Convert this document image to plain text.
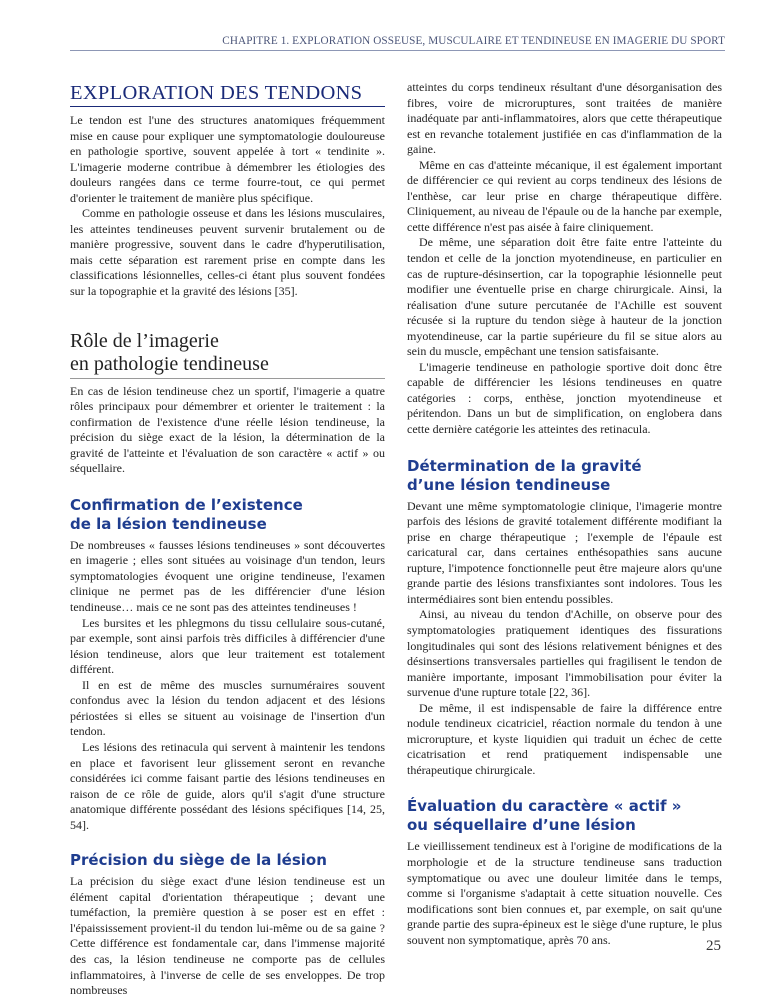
CHAPITRE 1. EXPLORATION OSSEUSE, MUSCULAIRE ET TENDINEUSE EN IMAGERIE DU SPORT
EXPLORATION DES TENDONS

Le tendon est l'une des structures anatomiques fréquemment mise en cause pour expliquer une symptomatologie douloureuse en pathologie sportive, souvent appelée à tort « tendinite ». L'imagerie moderne contribue à démembrer les étiologies des douleurs rangées dans ce terme fourre-tout, ce qui permet d'orienter le traitement de manière plus spécifique.

Comme en pathologie osseuse et dans les lésions musculaires, les atteintes tendineuses peuvent survenir brutalement ou de manière progressive, souvent dans le cadre d'hyperutilisation, mais cette séparation est rarement prise en compte dans les classifications lésionnelles, celles-ci étant plus souvent fondées sur la topographie et la gravité des lésions [35].

Rôle de l’imagerie
en pathologie tendineuse

En cas de lésion tendineuse chez un sportif, l'imagerie a quatre rôles principaux pour démembrer et orienter le traitement : la confirmation de l'existence d'une réelle lésion tendineuse, la précision du siège exact de la lésion, la détermination de la gravité de l'atteinte et l'évaluation de son caractère « actif » ou séquellaire.

Confirmation de l’existence
de la lésion tendineuse

De nombreuses « fausses lésions tendineuses » sont découvertes en imagerie ; elles sont situées au voisinage d'un tendon, leurs symptomatologies évoquent une origine tendineuse, l'examen clinique ne permet pas de les différencier d'une lésion tendineuse… mais ce ne sont pas des atteintes tendineuses !

Les bursites et les phlegmons du tissu cellulaire sous-cutané, par exemple, sont ainsi parfois très difficiles à différencier d'une lésion tendineuse, alors que leur traitement est totalement différent.

Il en est de même des muscles surnuméraires souvent confondus avec la lésion du tendon adjacent et des lésions périostées si elles se situent au voisinage de l'insertion d'un tendon.

Les lésions des retinacula qui servent à maintenir les tendons en place et favorisent leur glissement seront en revanche considérées ici comme faisant partie des lésions tendineuses en raison de ce rôle de guide, alors qu'il s'agit d'une structure anatomique différente possédant des lésions spécifiques [14, 25, 54].

Précision du siège de la lésion

La précision du siège exact d'une lésion tendineuse est un élément capital d'orientation thérapeutique ; devant une tuméfaction, la première question à se poser est en effet : l'épaississement provient-il du tendon lui-même ou de sa gaine ? Cette différence est fondamentale car, dans l'immense majorité des cas, la lésion tendineuse ne comporte pas de cellules inflammatoires, à l'inverse de celle de ses enveloppes. De trop nombreuses

atteintes du corps tendineux résultant d'une désorganisation des fibres, voire de microruptures, sont traitées de manière inadéquate par anti-inflammatoires, alors que cette thérapeutique est en revanche totalement justifiée en cas d'inflammation de la gaine.

Même en cas d'atteinte mécanique, il est également important de différencier ce qui revient au corps tendineux des lésions de l'enthèse, car leur prise en charge thérapeutique diffère. Cliniquement, au niveau de l'épaule ou de la hanche par exemple, cette différence n'est pas aisée à faire cliniquement.

De même, une séparation doit être faite entre l'atteinte du tendon et celle de la jonction myotendineuse, en particulier en cas de rupture-désinsertion, car la topographie lésionnelle peut modifier une éventuelle prise en charge chirurgicale. Ainsi, la réalisation d'une suture percutanée de l'Achille est souvent récusée si la rupture du tendon siège à hauteur de la jonction myotendineuse, car la partie supérieure du fil se situe alors au sein du muscle, empêchant une tension satisfaisante.

L'imagerie tendineuse en pathologie sportive doit donc être capable de différencier les lésions tendineuses en quatre catégories : corps, enthèse, jonction myotendineuse et péritendon. Dans un but de simplification, on englobera dans cette dernière catégorie les atteintes des retinacula.

Détermination de la gravité
d’une lésion tendineuse

Devant une même symptomatologie clinique, l'imagerie montre parfois des lésions de gravité totalement différente modifiant la prise en charge thérapeutique ; l'exemple de l'épaule est caricatural car, dans certaines enthésopathies sans aucune rupture, l'impotence fonctionnelle peut être majeure alors qu'une grande partie des lésions transfixiantes sont indolores. Tous les intermédiaires sont bien entendu possibles.

Ainsi, au niveau du tendon d'Achille, on observe pour des symptomatologies pratiquement identiques des fissurations longitudinales qui sont des lésions relativement bénignes et des désinsertions transversales partielles qui fragilisent le tendon de manière importante, imposant l'immobilisation pour éviter la survenue d'une rupture totale [22, 36].

De même, il est indispensable de faire la différence entre nodule tendineux cicatriciel, réaction normale du tendon à une microrupture, et kyste liquidien qui traduit un échec de cette cicatrisation et rend pratiquement indispensable une thérapeutique chirurgicale.

Évaluation du caractère « actif »
ou séquellaire d’une lésion

Le vieillissement tendineux est à l'origine de modifications de la morphologie et de la structure tendineuse sans traduction symptomatique ou avec une douleur limitée dans le temps, comme si l'organisme s'adaptait à cette situation nouvelle. Ces modifications sont bien connues et, par exemple, on sait qu'une grande partie des supra-épineux est le siège d'une rupture, le plus souvent non symptomatique, après 70 ans.	25
